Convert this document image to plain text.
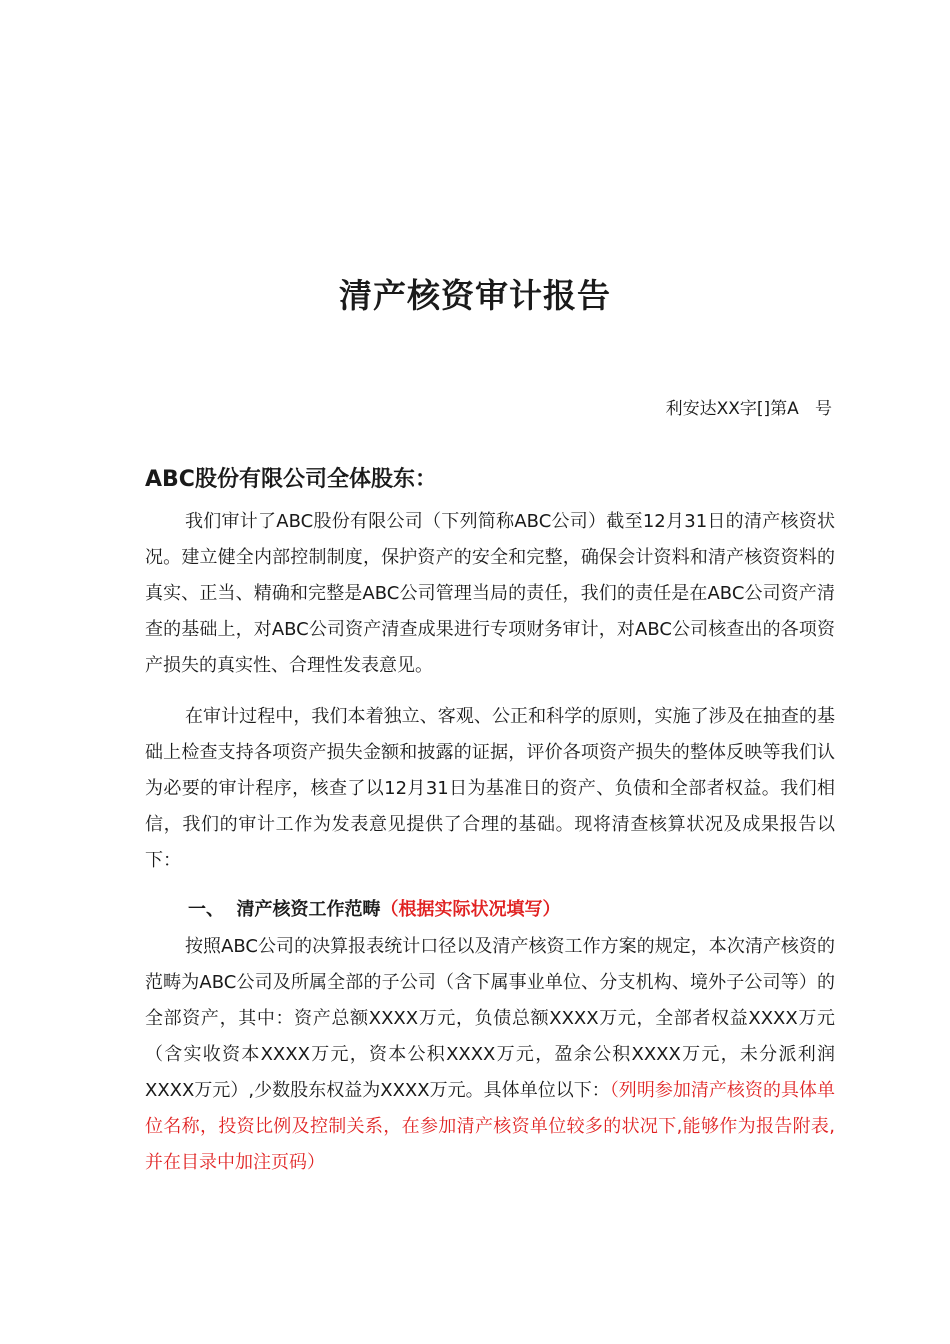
清产核资审计报告
利安达XX字[]第A   号
ABC股份有限公司全体股东：

我们审计了ABC股份有限公司（下列简称ABC公司）截至12月31日的清产核资状况。建立健全内部控制制度，保护资产的安全和完整，确保会计资料和清产核资资料的真实、正当、精确和完整是ABC公司管理当局的责任，我们的责任是在ABC公司资产清查的基础上，对ABC公司资产清查成果进行专项财务审计，对ABC公司核查出的各项资产损失的真实性、合理性发表意见。

在审计过程中，我们本着独立、客观、公正和科学的原则，实施了涉及在抽查的基础上检查支持各项资产损失金额和披露的证据，评价各项资产损失的整体反映等我们认为必要的审计程序，核查了以12月31日为基准日的资产、负债和全部者权益。我们相信，我们的审计工作为发表意见提供了合理的基础。现将清查核算状况及成果报告以下：

一、 清产核资工作范畴（根据实际状况填写）

按照ABC公司的决算报表统计口径以及清产核资工作方案的规定，本次清产核资的范畴为ABC公司及所属全部的子公司（含下属事业单位、分支机构、境外子公司等）的全部资产，其中：资产总额XXXX万元，负债总额XXXX万元，全部者权益XXXX万元（含实收资本XXXX万元，资本公积XXXX万元，盈余公积XXXX万元，未分派利润XXXX万元）,少数股东权益为XXXX万元。具体单位以下：（列明参加清产核资的具体单位名称，投资比例及控制关系，在参加清产核资单位较多的状况下,能够作为报告附表,并在目录中加注页码）
